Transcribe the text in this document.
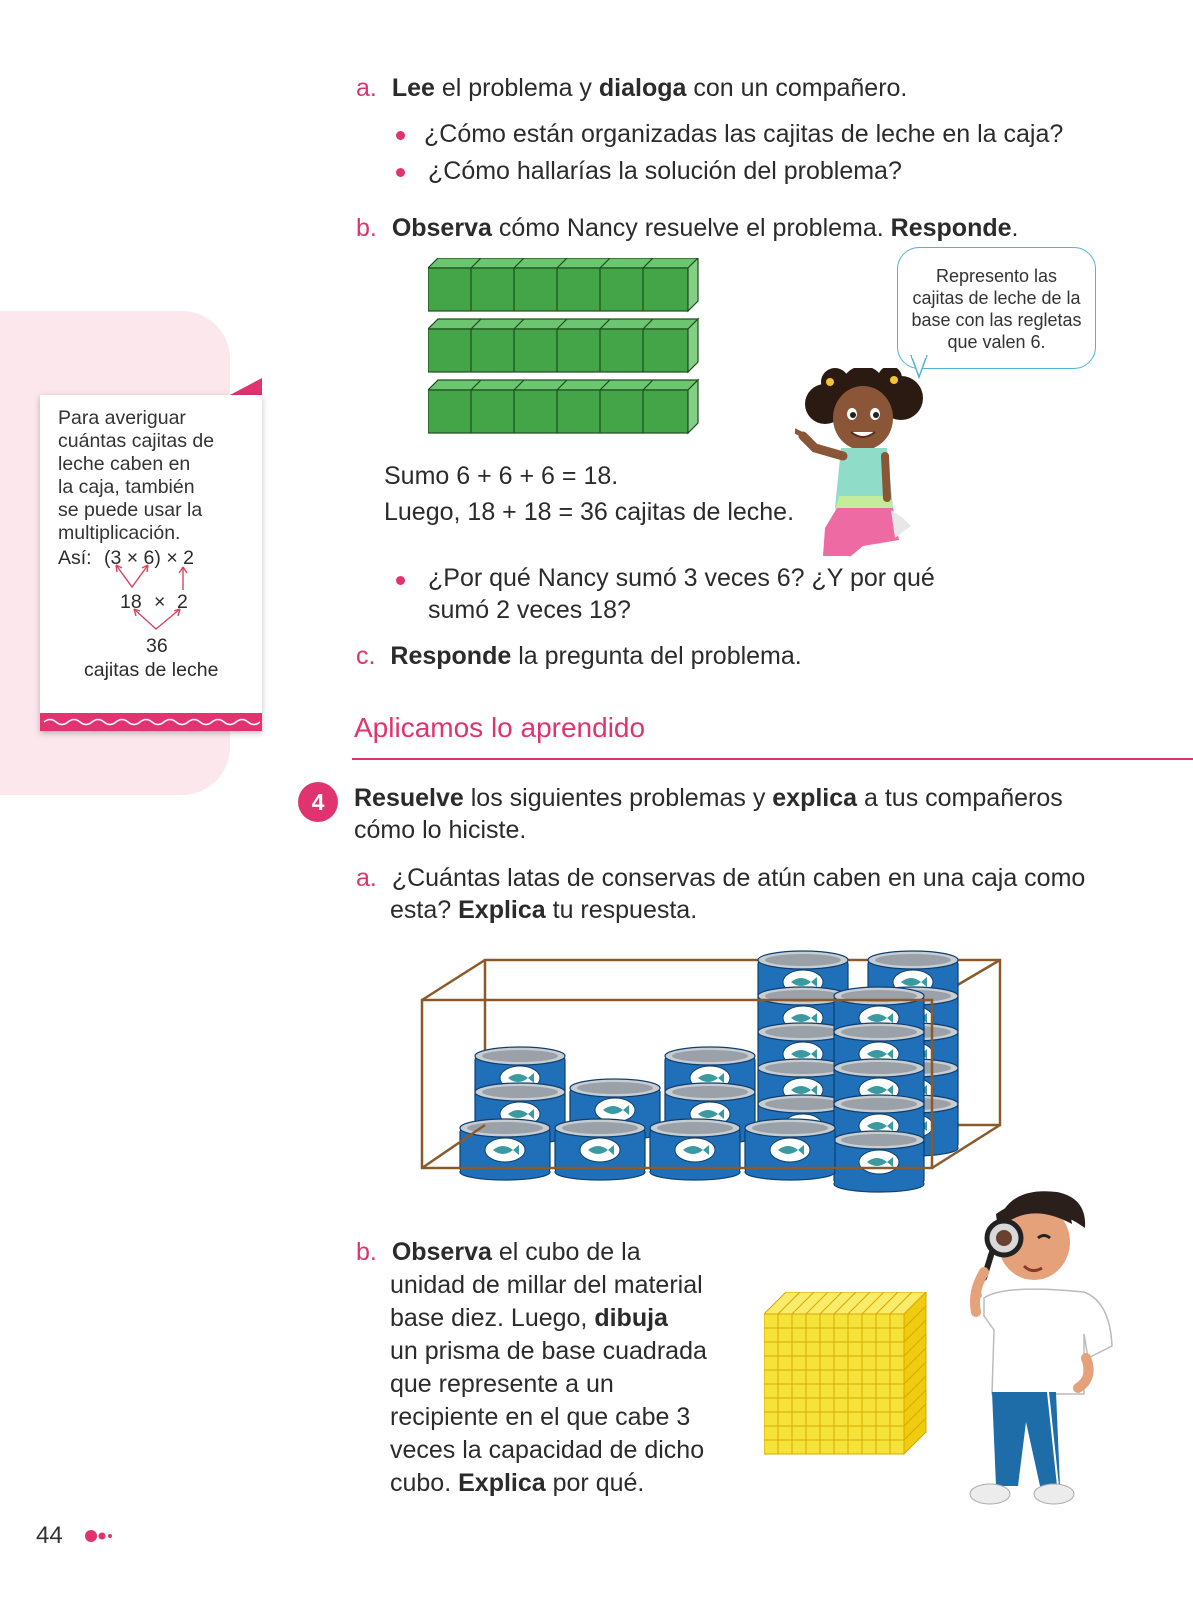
Para averiguar
cuántas cajitas de
leche caben en
la caja, también
se puede usar la
multiplicación.
Así: (3 × 6) × 2
18 × 2
36
cajitas de leche
a. Lee el problema y dialoga con un compañero.
¿Cómo están organizadas las cajitas de leche en la caja?
¿Cómo hallarías la solución del problema?
b. Observa cómo Nancy resuelve el problema. Responde.
Represento las
cajitas de leche de la
base con las regletas
que valen 6.
Sumo 6 + 6 + 6 = 18.
Luego, 18 + 18 = 36 cajitas de leche.
¿Por qué Nancy sumó 3 veces 6? ¿Y por qué
sumó 2 veces 18?
c. Responde la pregunta del problema.
Aplicamos lo aprendido
4	Resuelve los siguientes problemas y explica a tus compañeros
cómo lo hiciste.
a. ¿Cuántas latas de conservas de atún caben en una caja como
esta? Explica tu respuesta.
b. Observa el cubo de la
unidad de millar del material
base diez. Luego, dibuja
un prisma de base cuadrada
que represente a un
recipiente en el que cabe 3
veces la capacidad de dicho
cubo. Explica por qué.
44
